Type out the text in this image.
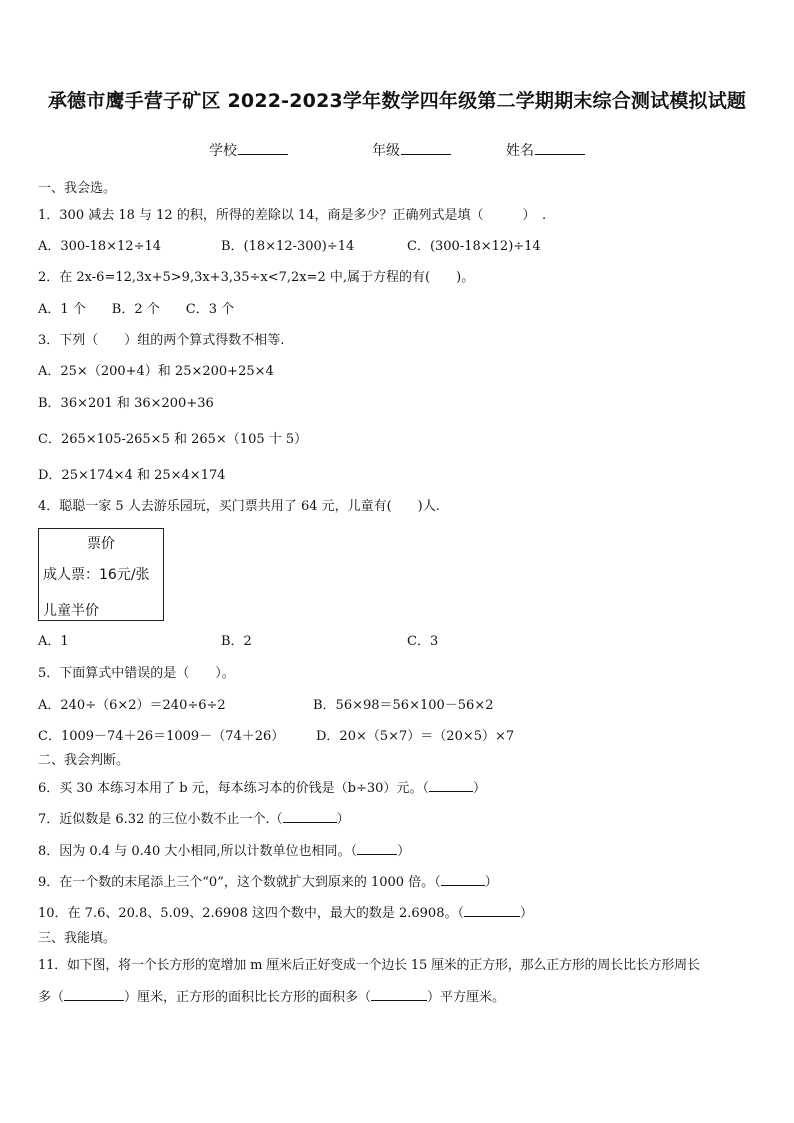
承德市鹰手营子矿区 2022-2023学年数学四年级第二学期期末综合测试模拟试题
学校	年级	姓名
一、我会选。
1．300 减去 18 与 12 的积，所得的差除以 14，商是多少？正确列式是填（　　　）　.
A．300-18×12÷14	B．(18×12-300)÷14	C．(300-18×12)÷14
2．在 2x-6=12,3x+5>9,3x+3,35÷x<7,2x=2 中,属于方程的有(　　)。
A．1 个　　B．2 个　　C．3 个
3．下列（　　）组的两个算式得数不相等.
A．25×（200+4）和 25×200+25×4
B．36×201 和 36×200+36
C．265×105-265×5 和 265×（105 十 5）
D．25×174×4 和 25×4×174
4．聪聪一家 5 人去游乐园玩，买门票共用了 64 元，儿童有(　　)人.
票价
成人票：16元/张
儿童半价
A．1	B．2	C．3
5．下面算式中错误的是（　　）。
A．240÷（6×2）＝240÷6÷2	B．56×98＝56×100－56×2
C．1009－74＋26＝1009－（74＋26） D．20×（5×7）＝（20×5）×7
二、我会判断。
6．买 30 本练习本用了 b 元，每本练习本的价钱是（b÷30）元。（	）
7．近似数是 6.32 的三位小数不止一个.（	）
8．因为 0.4 与 0.40 大小相同,所以计数单位也相同。（	）
9．在一个数的末尾添上三个“0”，这个数就扩大到原来的 1000 倍。（	）
10．在 7.6、20.8、5.09、2.6908 这四个数中，最大的数是 2.6908。（	）
三、我能填。
11．如下图，将一个长方形的宽增加 m 厘米后正好变成一个边长 15 厘米的正方形，那么正方形的周长比长方形周长
多（	）厘米，正方形的面积比长方形的面积多（	）平方厘米。
